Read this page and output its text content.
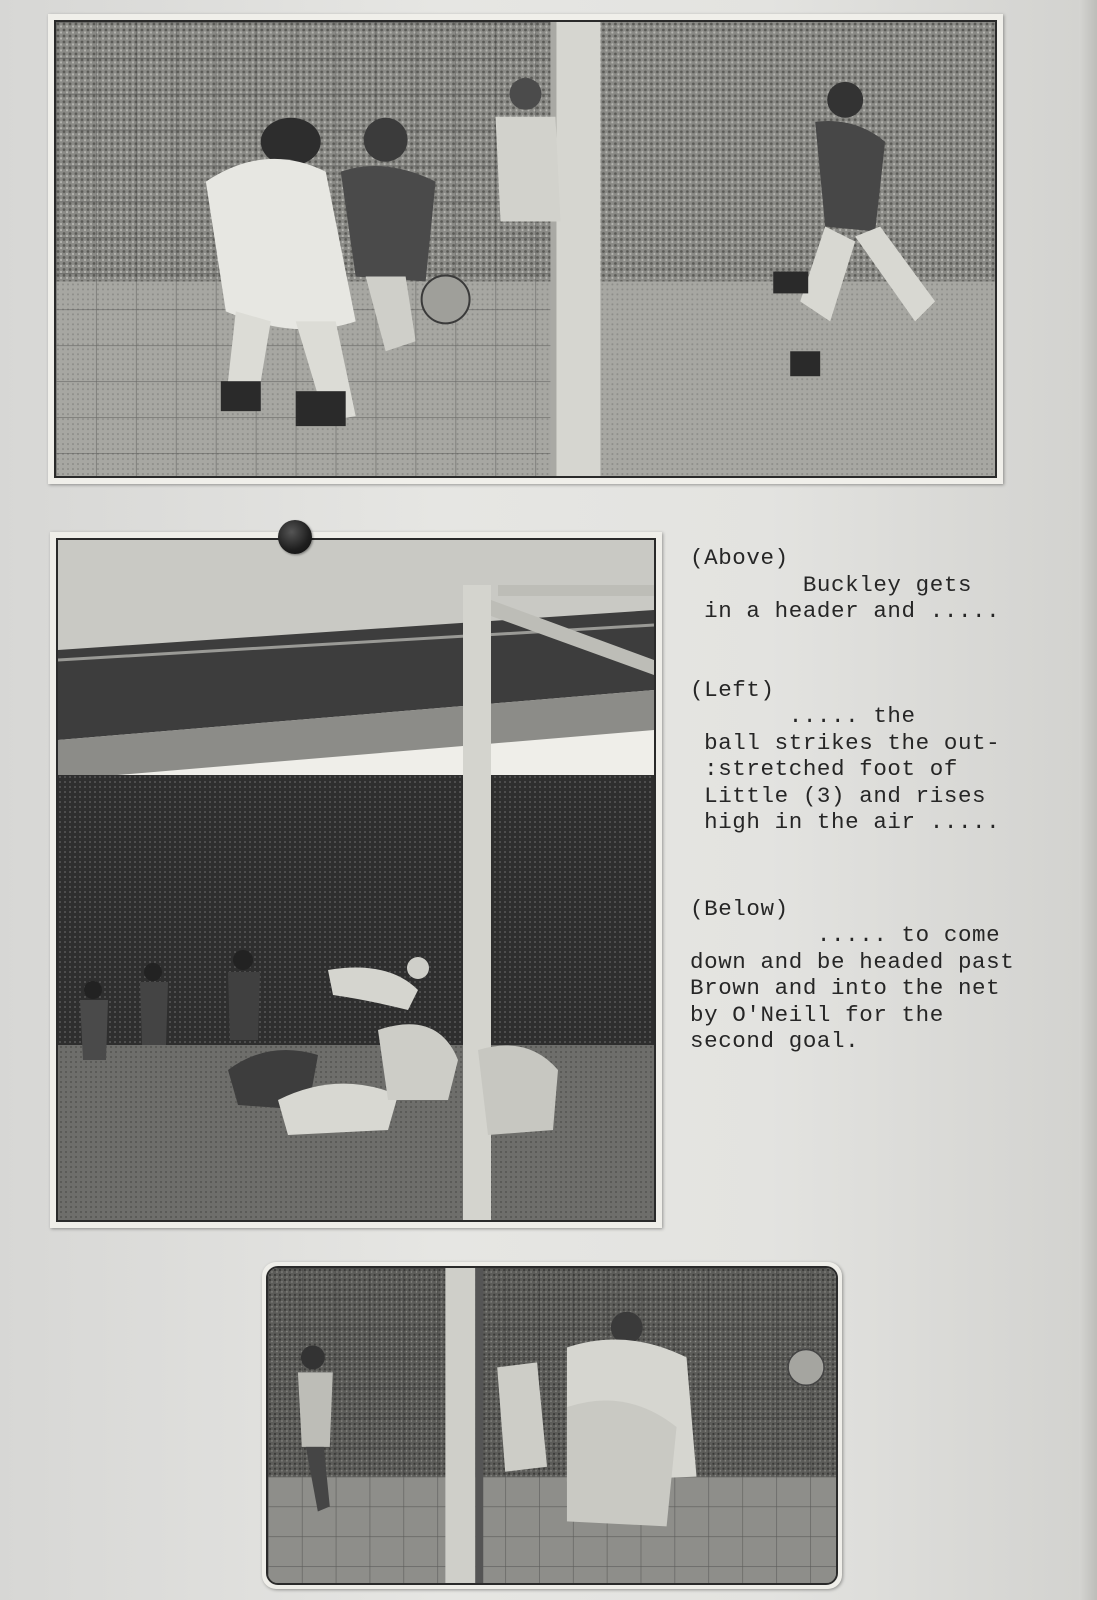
(Above)
Buckley gets
in a header and .....
(Left)
..... the
ball strikes the out-
:stretched foot of
Little (3) and rises
high in the air .....
(Below)
..... to come
down and be headed past
Brown and into the net
by O'Neill for the
second goal.
